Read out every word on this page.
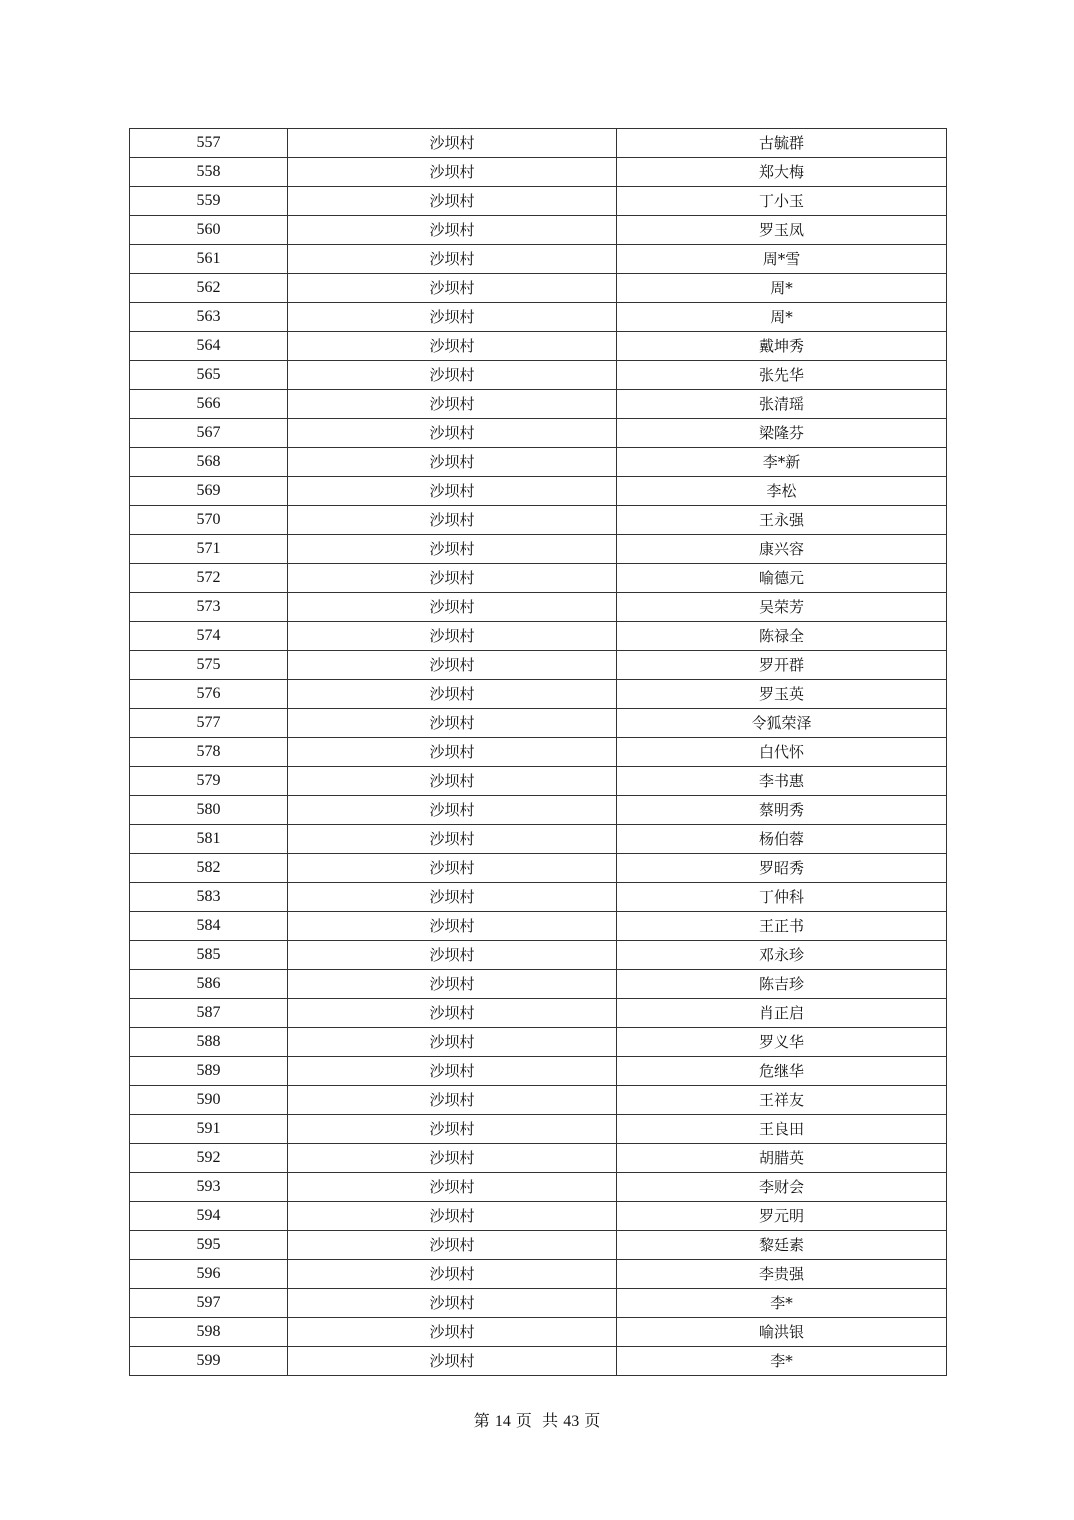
557	沙坝村	古毓群
558	沙坝村	郑大梅
559	沙坝村	丁小玉
560	沙坝村	罗玉凤
561	沙坝村	周*雪
562	沙坝村	周*
563	沙坝村	周*
564	沙坝村	戴坤秀
565	沙坝村	张先华
566	沙坝村	张清瑶
567	沙坝村	梁隆芬
568	沙坝村	李*新
569	沙坝村	李松
570	沙坝村	王永强
571	沙坝村	康兴容
572	沙坝村	喻德元
573	沙坝村	吴荣芳
574	沙坝村	陈禄全
575	沙坝村	罗开群
576	沙坝村	罗玉英
577	沙坝村	令狐荣泽
578	沙坝村	白代怀
579	沙坝村	李书惠
580	沙坝村	蔡明秀
581	沙坝村	杨伯蓉
582	沙坝村	罗昭秀
583	沙坝村	丁仲科
584	沙坝村	王正书
585	沙坝村	邓永珍
586	沙坝村	陈吉珍
587	沙坝村	肖正启
588	沙坝村	罗义华
589	沙坝村	危继华
590	沙坝村	王祥友
591	沙坝村	王良田
592	沙坝村	胡腊英
593	沙坝村	李财会
594	沙坝村	罗元明
595	沙坝村	黎廷素
596	沙坝村	李贵强
597	沙坝村	李*
598	沙坝村	喻洪银
599	沙坝村	李*
第 14 页  共 43 页
